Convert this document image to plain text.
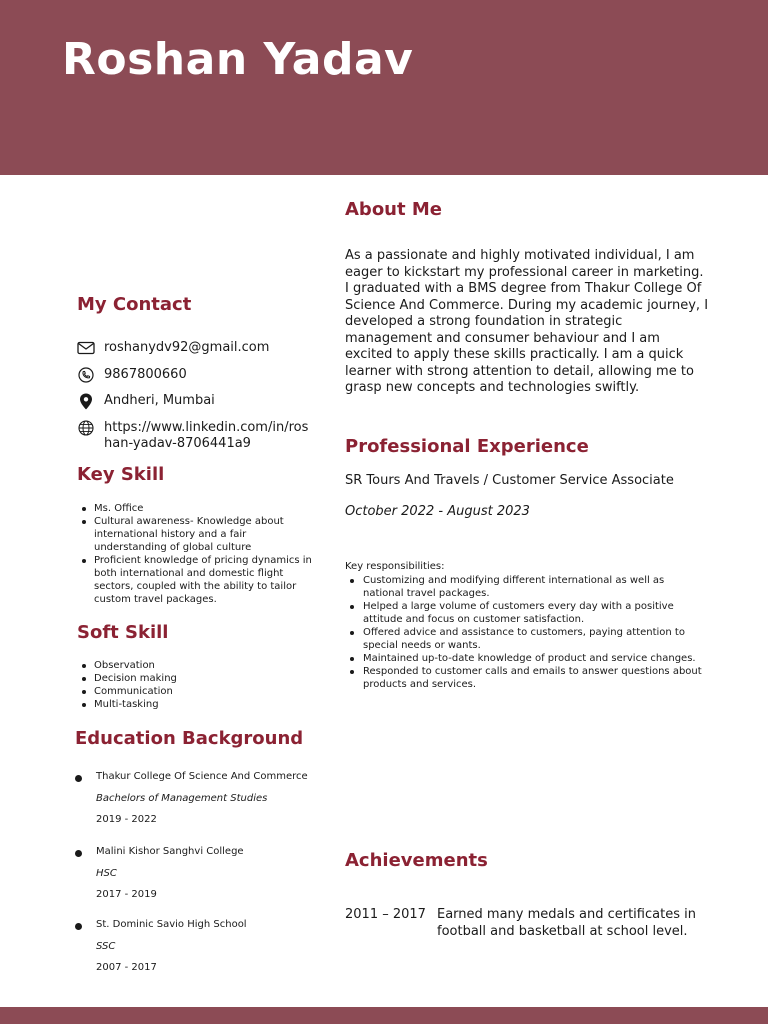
Roshan Yadav
My Contact
roshanydv92@gmail.com
9867800660
Andheri, Mumbai
https://www.linkedin.com/in/roshan-yadav-8706441a9
Key Skill
Ms. Office
Cultural awareness- Knowledge about international history and a fair understanding of global culture
Proficient knowledge of pricing dynamics in both international and domestic flight sectors, coupled with the ability to tailor custom travel packages.
Soft Skill
Observation
Decision making
Communication
Multi-tasking
Education Background
Thakur College Of Science And Commerce
Bachelors of Management Studies
2019 - 2022
Malini Kishor Sanghvi College
HSC
2017 - 2019
St. Dominic Savio High School
SSC
2007 - 2017
About Me
As a passionate and highly motivated individual, I am eager to kickstart my professional career in marketing. I graduated with a BMS degree from Thakur College Of Science And Commerce. During my academic journey, I developed a strong foundation in strategic management and consumer behaviour and I am excited to apply these skills practically. I am a quick learner with strong attention to detail, allowing me to grasp new concepts and technologies swiftly.
Professional Experience
SR Tours And Travels / Customer Service Associate
October 2022 - August 2023
Key responsibilities:
Customizing and modifying different international as well as national travel packages.
Helped a large volume of customers every day with a positive attitude and focus on customer satisfaction.
Offered advice and assistance to customers, paying attention to special needs or wants.
Maintained up-to-date knowledge of product and service changes.
Responded to customer calls and emails to answer questions about products and services.
Achievements
2011 – 2017 Earned many medals and certificates in football and basketball at school level.
